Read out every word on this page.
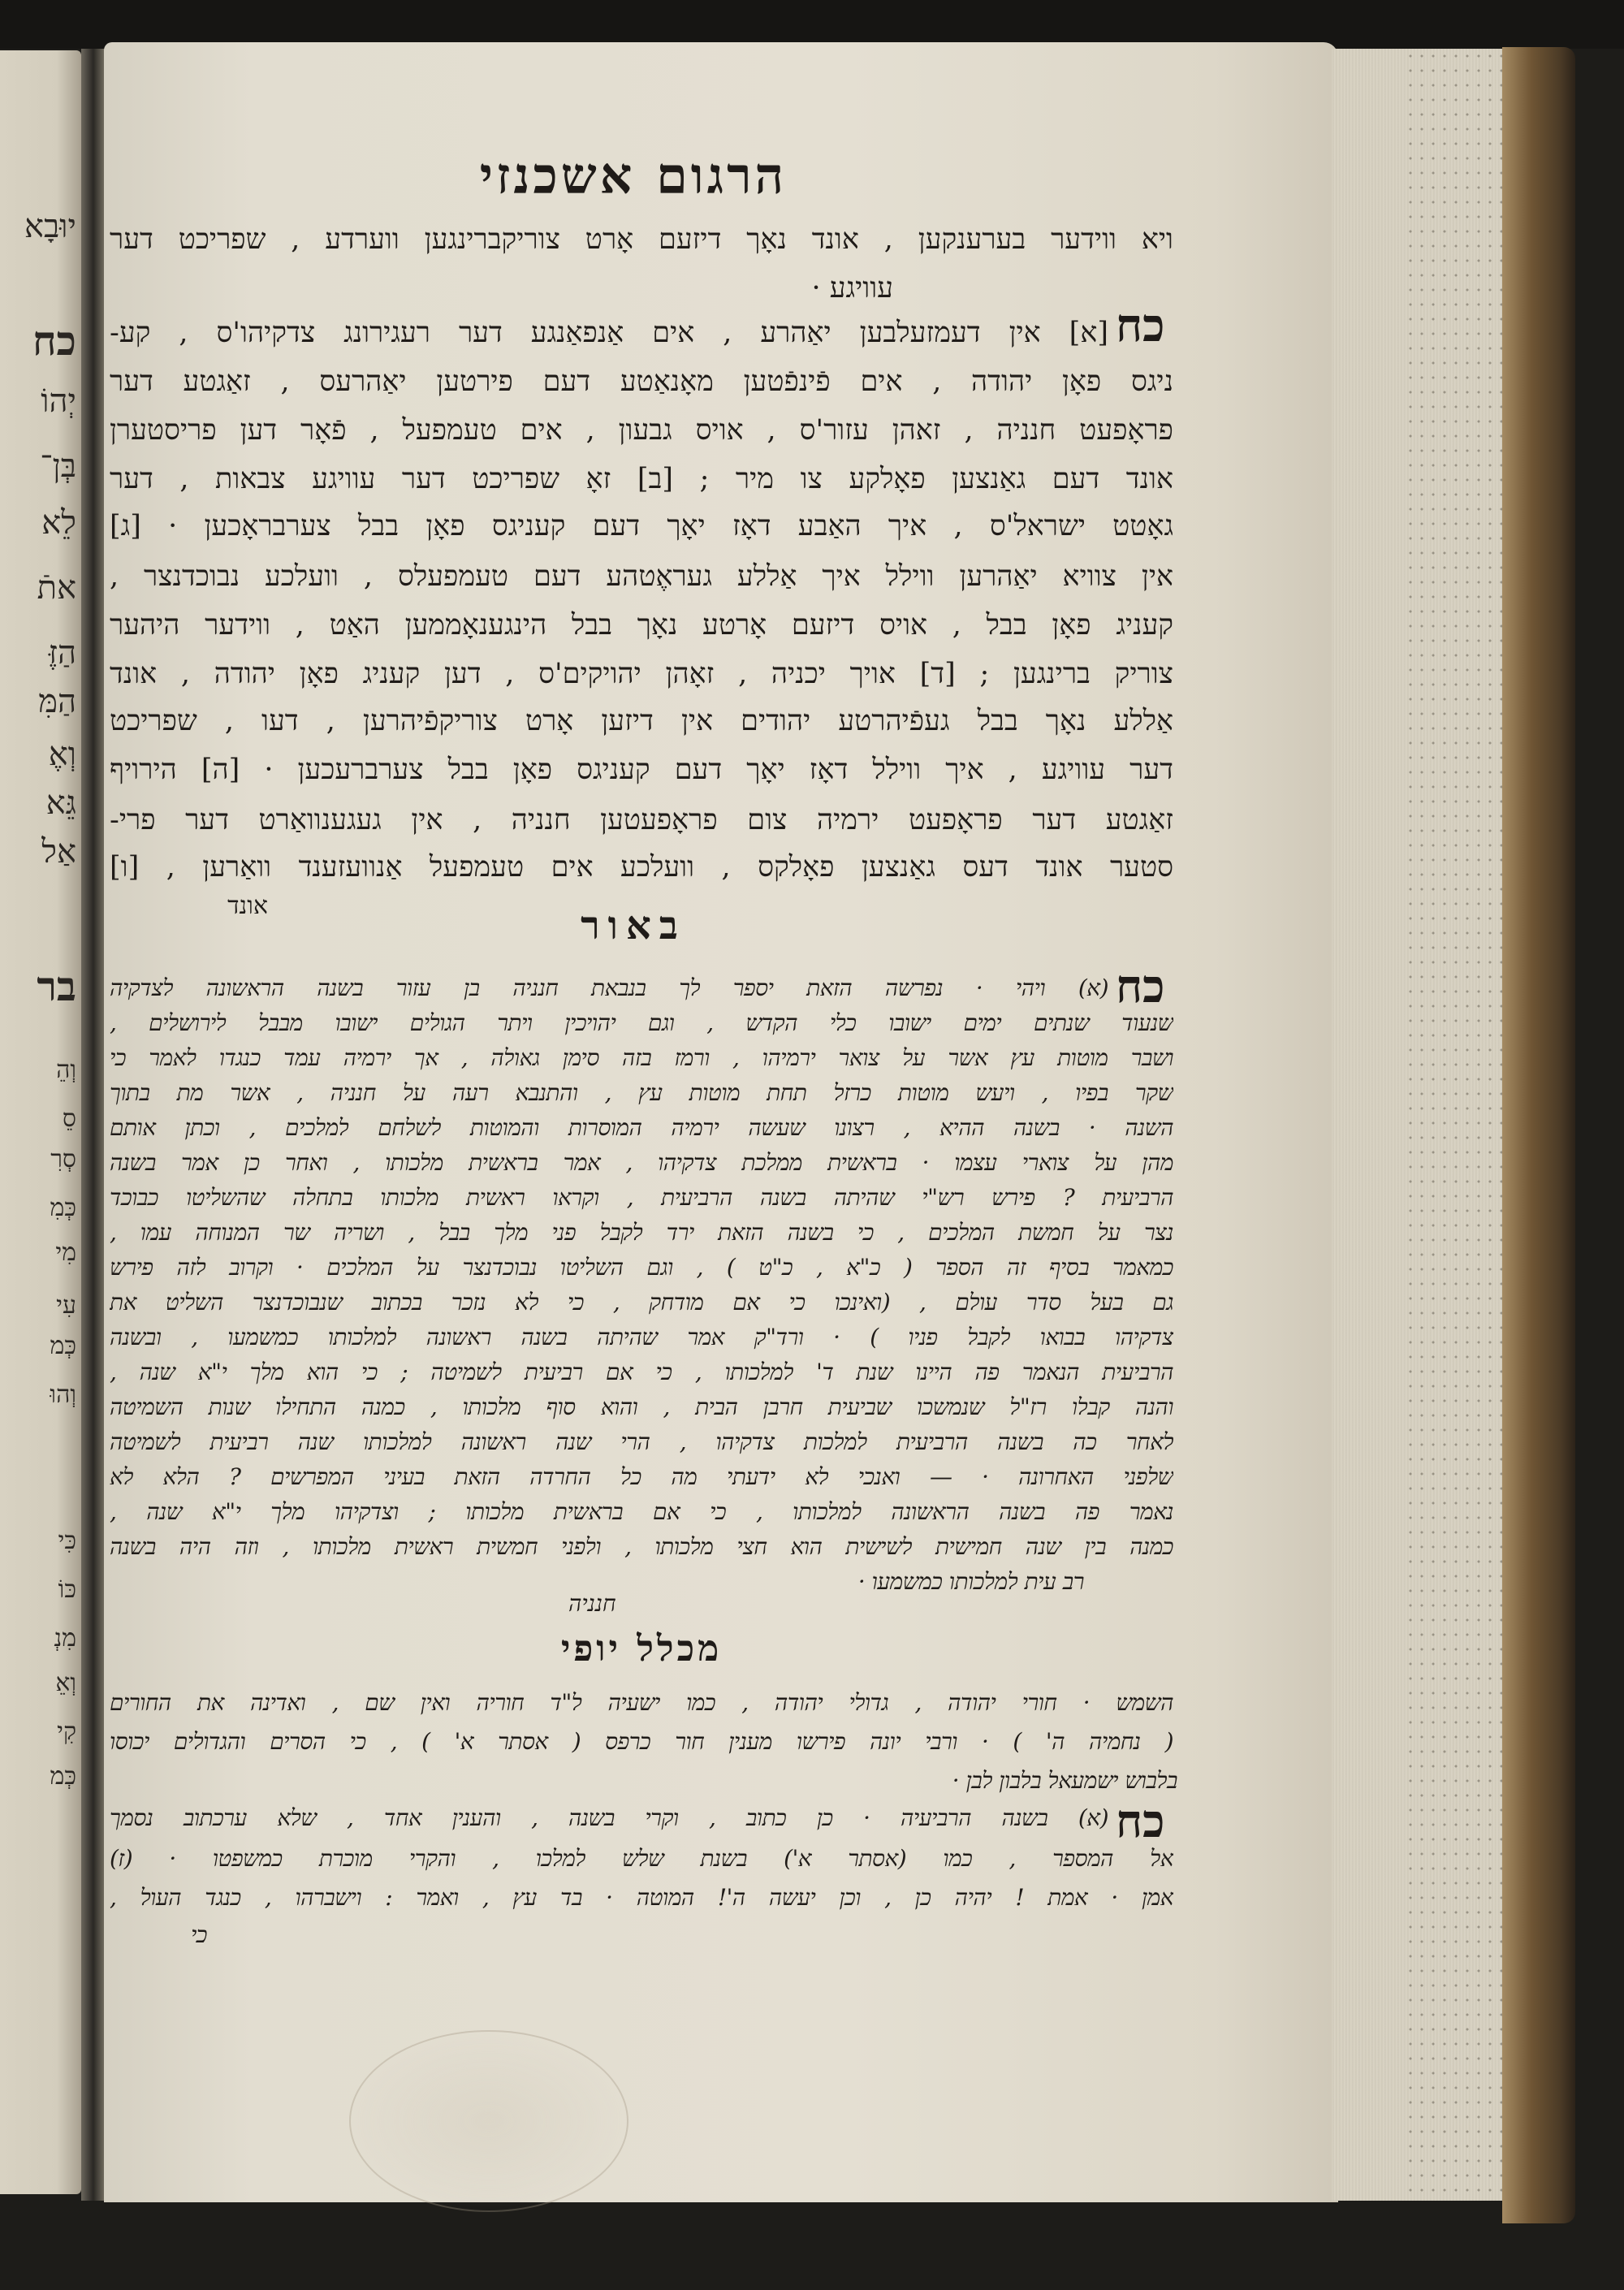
יוּבָא
כח
יְהוֹ
בְּן־
לֵא
אתֿ
הַזֶּ
הַמִּ
וְאֶ
גֵּא
אַל
בר
וְהֵ
סֵ
סְרִ
כְּמִ
מִי
עִי
כְּמ
וְהוּ
כִּי
כּוֹ
מִנְ
וְאֵ
קִי
כְּמ
הרגום אשכנזי
ויא ווידער בערענקען , אונד נאָך דיזעם אָרט צוריקברינגען ווערדע , שפריכט דער
עוויגע ·
[א] אין דעמזעלבען יאַהרע , אים אַנפאַנגע דער רעגירונג צדקיהו'ס , קע-
ניגס פאָן יהודה , אים פֿינפֿטען מאָנאַטע דעם פירטען יאַהרעס , זאַגטע דער
פראָפעט חנניה , זאהן עזור'ס , אויס גבעון , אים טעמפעל , פֿאָר דען פריסטערן
אונד דעם גאַנצען פאָלקע צו מיר ; [ב] זאָ שפריכט דער עוויגע צבאות , דער
גאָטט ישראל'ס , איך האַבע דאָז יאָך דעם קעניגס פאָן בבל צערבראָכען · [ג]
אין צוויא יאַהרען ווילל איך אַללע געראֶטהע דעם טעמפעלס , וועלכע נבוכדנצר ,
קעניג פאָן בבל , אויס דיזעם אָרטע נאָך בבל הינגענאָממען האַט , ווידער היהער
צוריק ברינגען ; [ד] אויך יכניה , זאָהן יהויקים'ס , דען קעניג פאָן יהודה , אונד
אַללע נאָך בבל געפֿיהרטע יהודים אין דיזען אָרט צוריקפֿיהרען , דעו , שפריכט
דער עוויגע , איך ווילל דאָז יאָך דעם קעניגס פאָן בבל צערברעכען · [ה] הירויף
זאַגטע דער פראָפעט ירמיה צום פראָפעטען חנניה , אין געגענוואַרט דער פרי-
סטער אונד דעס גאַנצען פאָלקס , וועלכע אים טעמפעל אַנוועזענד וואַרען , [ו]
אונד
כח
באור
(א) ויהי · נפרשה הזאת יספר לך בנבאת חנניה בן עזור בשנה הראשונה לצדקיה
שנעוד שנתים ימים ישובו כלי הקדש , וגם יהויכין ויתר הגולים ישובו מבבל לירושלים ,
ושבר מוטות עץ אשר על צואר ירמיהו , ורמז בזה סימן גאולה , אך ירמיה עמד כנגדו לאמר כי
שקר בפיו , ויעש מוטות כרזל תחת מוטות עץ , והתנבא רעה על חנניה , אשר מת בתוך
השנה · בשנה ההיא , רצונו שעשה ירמיה המוסרות והמוטות לשלחם למלכים , וכתן אותם
מהן על צוארי עצמו · בראשית ממלכת צדקיהו , אמר בראשית מלכותו , ואחר כן אמר בשנה
הרביעית ? פירש רש"י שהיתה בשנה הרביעית , וקראו ראשית מלכותו בתחלה שהשליטו כבוכד
נצר על חמשת המלכים , כי בשנה הזאת ירד לקבל פני מלך בבל , ושריה שר המנוחה עמו ,
כמאמר בסיף זה הספר ( כ"א , כ"ט ) , וגם השליטו נבוכדנצר על המלכים · וקרוב לזה פירש
גם בעל סדר עולם , (ואינכו כי אם מודחק , כי לא נזכר בכתוב שנבוכדנצר השליט את
צדקיהו בבואו לקבל פניו ) · ורד"ק אמר שהיתה בשנה ראשונה למלכותו כמשמעו , ובשנה
הרביעית הנאמר פה היינו שנת ד' למלכותו , כי אם רביעית לשמיטה ; כי הוא מלך י"א שנה ,
והנה קבלו רז"ל שנמשכו שביעית חרבן הבית , והוא סוף מלכותו , כמנה התחילו שנות השמיטה
לאחר כה בשנה הרביעית למלכות צדקיהו , הרי שנה ראשונה למלכותו שנה רביעית לשמיטה
שלפני האחרונה · — ואנכי לא ידעתי מה כל החרדה הזאת בעיני המפרשים ? הלא לא
נאמר פה בשנה הראשונה למלכותו , כי אם בראשית מלכותו ; וצדקיהו מלך י"א שנה ,
כמנה בין שנה חמישית לשישית הוא חצי מלכותו , ולפני חמשית ראשית מלכותו , וזה היה בשנה
רב עית למלכותו כמשמעו ·
כח
חנניה
מכלל יופי
השמש · חורי יהודה , גדולי יהודה , כמו ישעיה ל"ד חוריה ואין שם , ואדינה את החורים
( נחמיה ה' ) · ורבי יונה פירשו מענין חור כרפס ( אסתר א' ) , כי הסרים והגדולים יכוסו
בלבוש ישמעאל בלבון לבן ·
(א) בשנה הרביעיה · כן כתוב , וקרי בשנה , והענין אחד , שלא ערכתוב נסמך
אל המספר , כמו (אסתר א') בשנת שלש למלכו , והקרי מוכרת כמשפטו · (ז)
אמן · אמת ! יהיה כן , וכן יעשה ה'! המוטה · בד עץ , ואמר : וישברהו , כנגד העול ,
כי
כח
